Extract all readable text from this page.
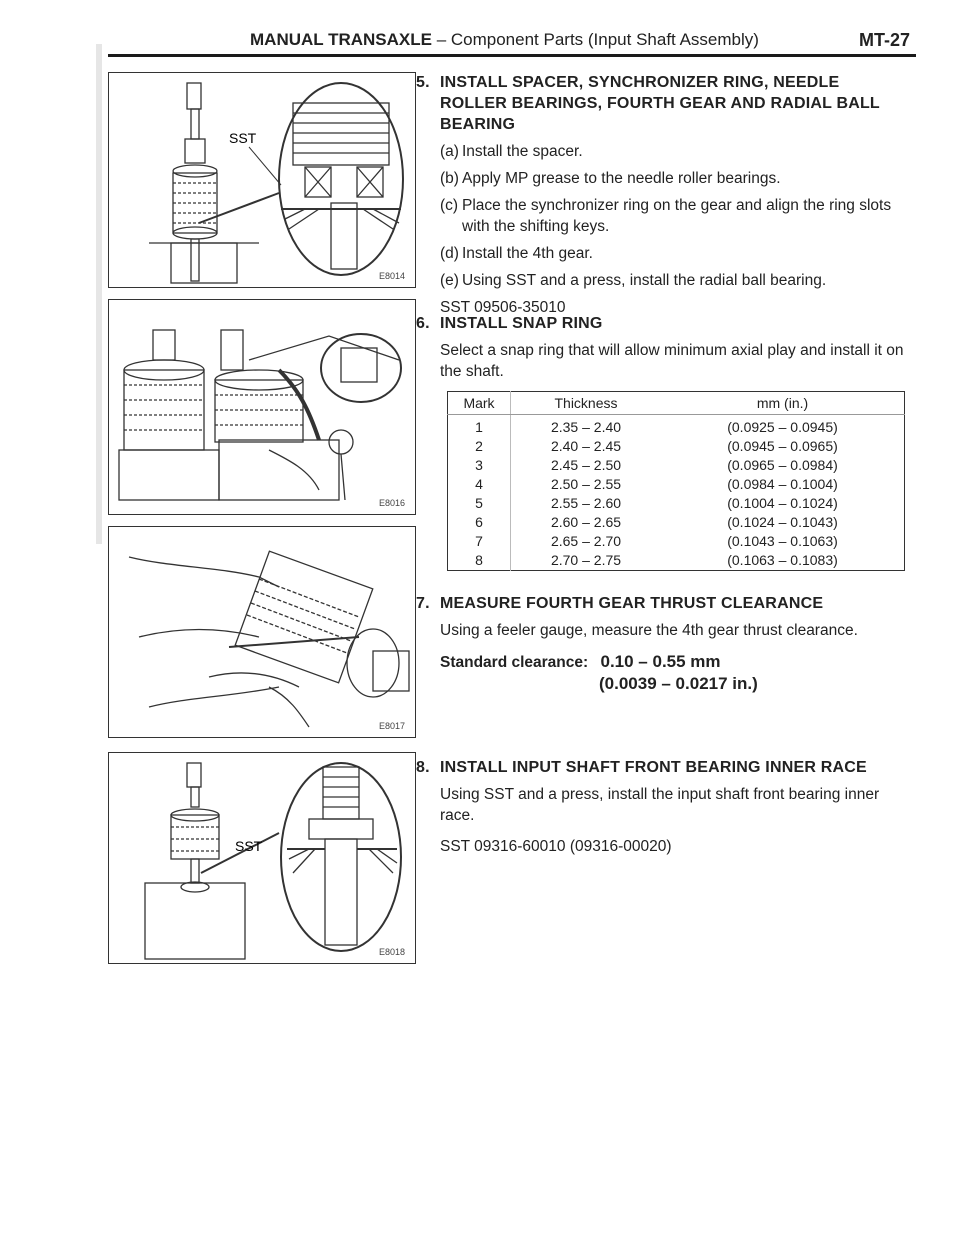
MANUAL TRANSAXLE – Component Parts (Input Shaft Assembly)	MT-27
SST
E8014
E8016
E8017
SST
E8018
5. INSTALL SPACER, SYNCHRONIZER RING, NEEDLE ROLLER BEARINGS, FOURTH GEAR AND RADIAL BALL BEARING
(a) Install the spacer.
(b) Apply MP grease to the needle roller bearings.
(c) Place the synchronizer ring on the gear and align the ring slots with the shifting keys.
(d) Install the 4th gear.
(e) Using SST and a press, install the radial ball bearing.
SST 09506-35010
6. INSTALL SNAP RING
Select a snap ring that will allow minimum axial play and install it on the shaft.
Mark	Thickness	mm (in.)
1	2.35 – 2.40	(0.0925 – 0.0945)
2	2.40 – 2.45	(0.0945 – 0.0965)
3	2.45 – 2.50	(0.0965 – 0.0984)
4	2.50 – 2.55	(0.0984 – 0.1004)
5	2.55 – 2.60	(0.1004 – 0.1024)
6	2.60 – 2.65	(0.1024 – 0.1043)
7	2.65 – 2.70	(0.1043 – 0.1063)
8	2.70 – 2.75	(0.1063 – 0.1083)
7. MEASURE FOURTH GEAR THRUST CLEARANCE
Using a feeler gauge, measure the 4th gear thrust clearance.
Standard clearance: 0.10 – 0.55 mm
(0.0039 – 0.0217 in.)
8. INSTALL INPUT SHAFT FRONT BEARING INNER RACE
Using SST and a press, install the input shaft front bearing inner race.
SST 09316-60010 (09316-00020)
